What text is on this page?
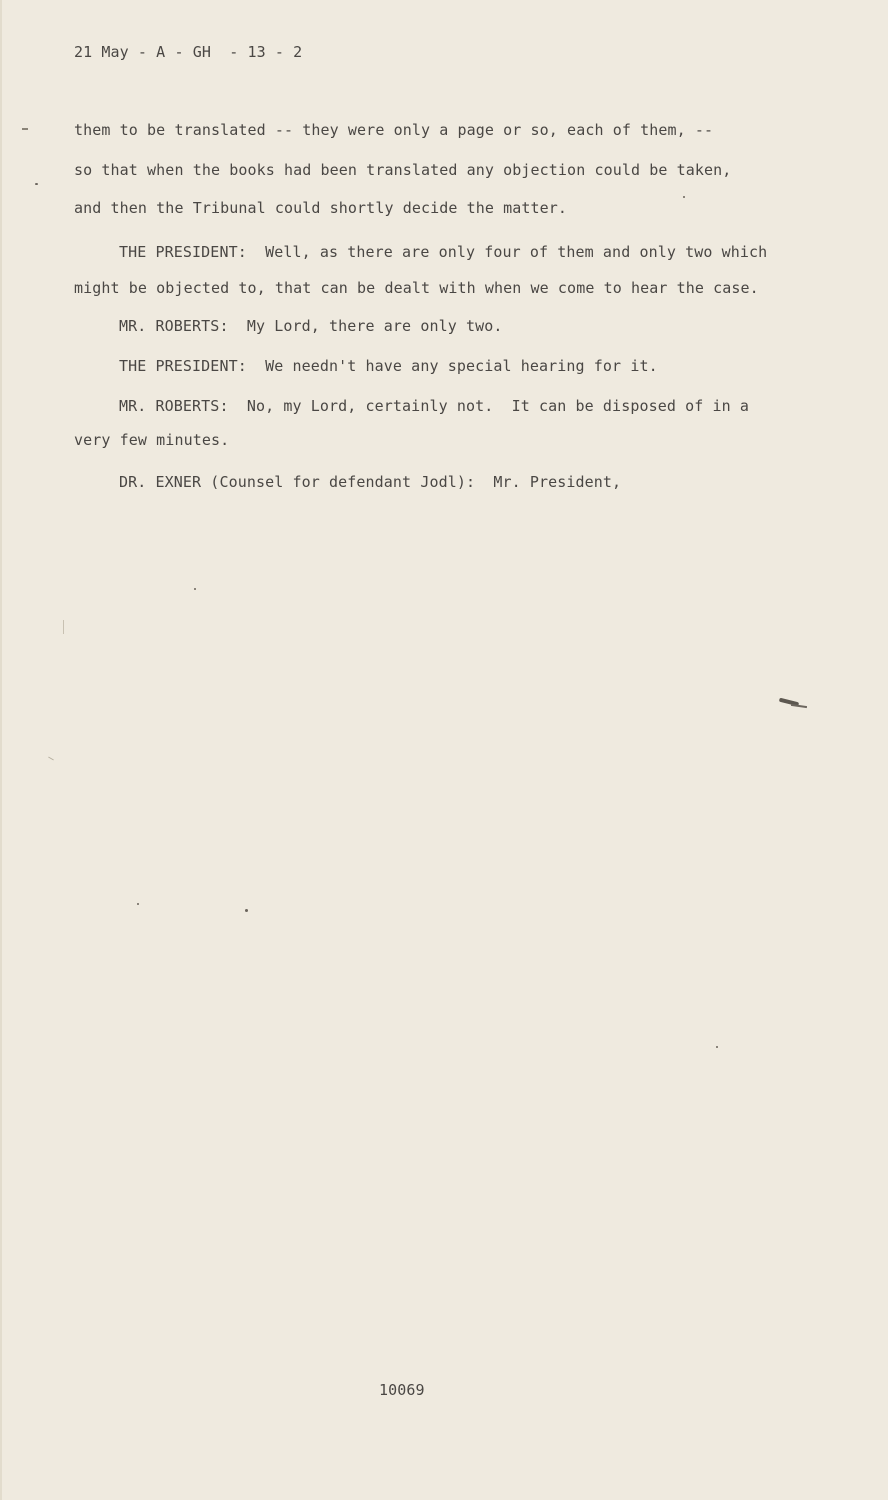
21 May - A - GH  - 13 - 2
them to be translated -- they were only a page or so, each of them, --
so that when the books had been translated any objection could be taken,
and then the Tribunal could shortly decide the matter.
THE PRESIDENT:  Well, as there are only four of them and only two which
might be objected to, that can be dealt with when we come to hear the case.
MR. ROBERTS:  My Lord, there are only two.
THE PRESIDENT:  We needn't have any special hearing for it.
MR. ROBERTS:  No, my Lord, certainly not.  It can be disposed of in a
very few minutes.
DR. EXNER (Counsel for defendant Jodl):  Mr. President,
10069
